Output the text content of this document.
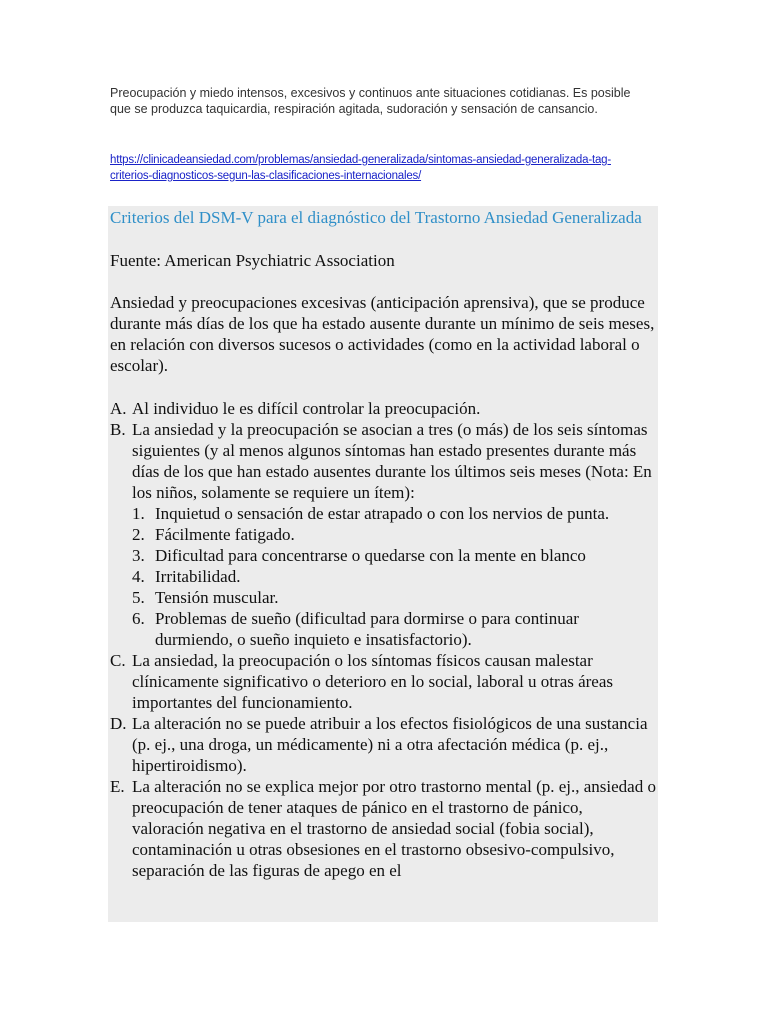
Preocupación y miedo intensos, excesivos y continuos ante situaciones cotidianas. Es posible que se produzca taquicardia, respiración agitada, sudoración y sensación de cansancio.
https://clinicadeansiedad.com/problemas/ansiedad-generalizada/sintomas-ansiedad-generalizada-tag-criterios-diagnosticos-segun-las-clasificaciones-internacionales/
Criterios del DSM-V para el diagnóstico del Trastorno Ansiedad Generalizada
Fuente: American Psychiatric Association
Ansiedad y preocupaciones excesivas (anticipación aprensiva), que se produce durante más días de los que ha estado ausente durante un mínimo de seis meses, en relación con diversos sucesos o actividades (como en la actividad laboral o escolar).
A. Al individuo le es difícil controlar la preocupación.
B. La ansiedad y la preocupación se asocian a tres (o más) de los seis síntomas siguientes (y al menos algunos síntomas han estado presentes durante más días de los que han estado ausentes durante los últimos seis meses (Nota: En los niños, solamente se requiere un ítem):
1. Inquietud o sensación de estar atrapado o con los nervios de punta.
2. Fácilmente fatigado.
3. Dificultad para concentrarse o quedarse con la mente en blanco
4. Irritabilidad.
5. Tensión muscular.
6. Problemas de sueño (dificultad para dormirse o para continuar durmiendo, o sueño inquieto e insatisfactorio).
C. La ansiedad, la preocupación o los síntomas físicos causan malestar clínicamente significativo o deterioro en lo social, laboral u otras áreas importantes del funcionamiento.
D. La alteración no se puede atribuir a los efectos fisiológicos de una sustancia (p. ej., una droga, un médicamente) ni a otra afectación médica (p. ej., hipertiroidismo).
E. La alteración no se explica mejor por otro trastorno mental (p. ej., ansiedad o preocupación de tener ataques de pánico en el trastorno de pánico, valoración negativa en el trastorno de ansiedad social (fobia social), contaminación u otras obsesiones en el trastorno obsesivo-compulsivo, separación de las figuras de apego en el
